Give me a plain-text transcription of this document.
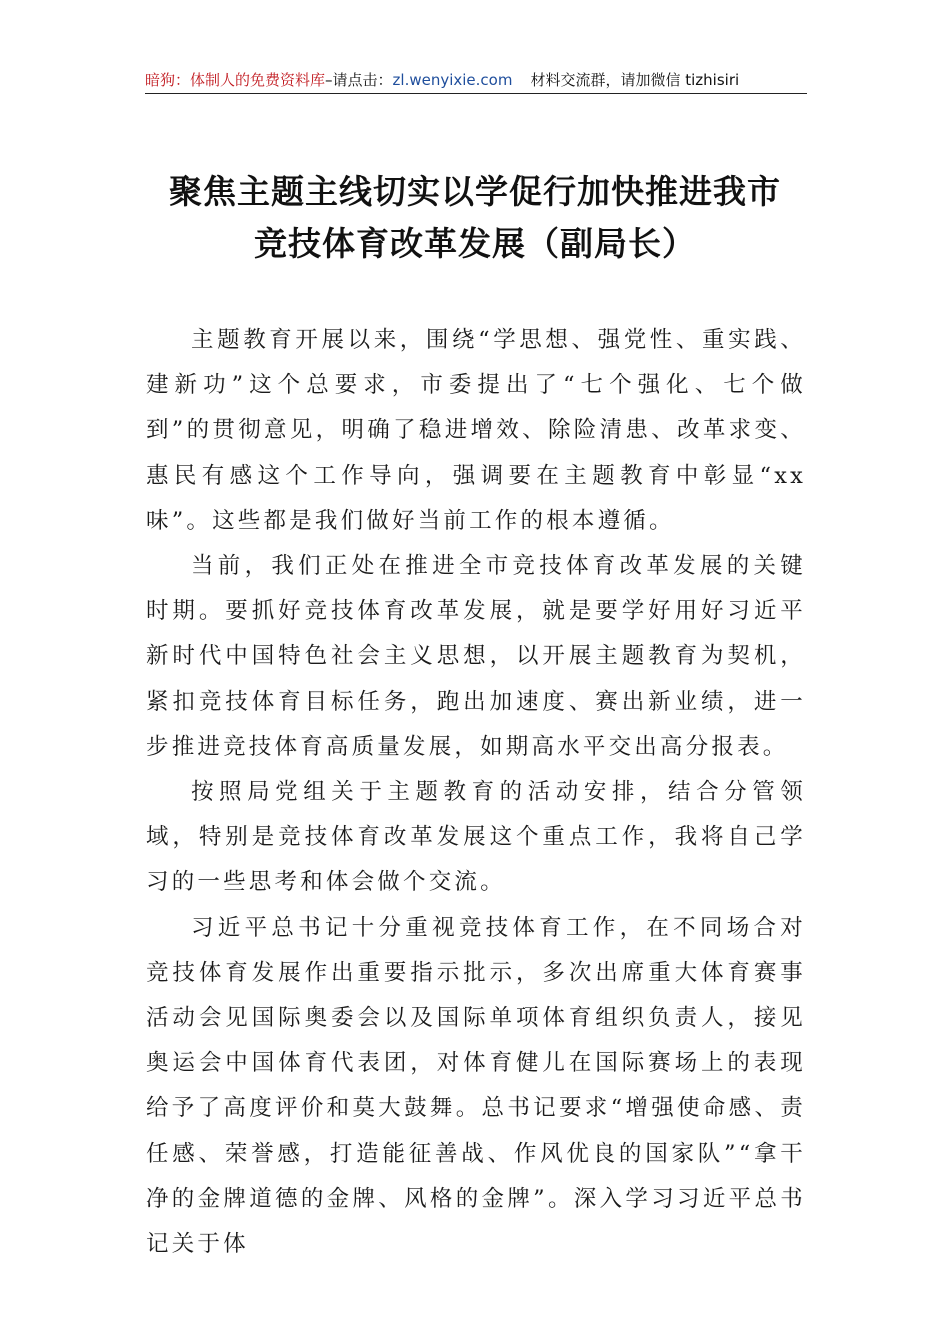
暗狗：体制人的免费资料库–请点击：zl.wenyixie.com 材料交流群，请加微信 tizhisiri
聚焦主题主线切实以学促行加快推进我市
竞技体育改革发展（副局长）

主题教育开展以来，围绕“学思想、强党性、重实践、建新功”这个总要求，市委提出了“七个强化、七个做到”的贯彻意见，明确了稳进增效、除险清患、改革求变、惠民有感这个工作导向，强调要在主题教育中彰显“xx味”。这些都是我们做好当前工作的根本遵循。

当前，我们正处在推进全市竞技体育改革发展的关键时期。要抓好竞技体育改革发展，就是要学好用好习近平新时代中国特色社会主义思想，以开展主题教育为契机，紧扣竞技体育目标任务，跑出加速度、赛出新业绩，进一步推进竞技体育高质量发展，如期高水平交出高分报表。

按照局党组关于主题教育的活动安排，结合分管领域，特别是竞技体育改革发展这个重点工作，我将自己学习的一些思考和体会做个交流。

习近平总书记十分重视竞技体育工作，在不同场合对竞技体育发展作出重要指示批示，多次出席重大体育赛事活动会见国际奥委会以及国际单项体育组织负责人，接见奥运会中国体育代表团，对体育健儿在国际赛场上的表现给予了高度评价和莫大鼓舞。总书记要求“增强使命感、责任感、荣誉感，打造能征善战、作风优良的国家队”“拿干净的金牌道德的金牌、风格的金牌”。深入学习习近平总书记关于体
